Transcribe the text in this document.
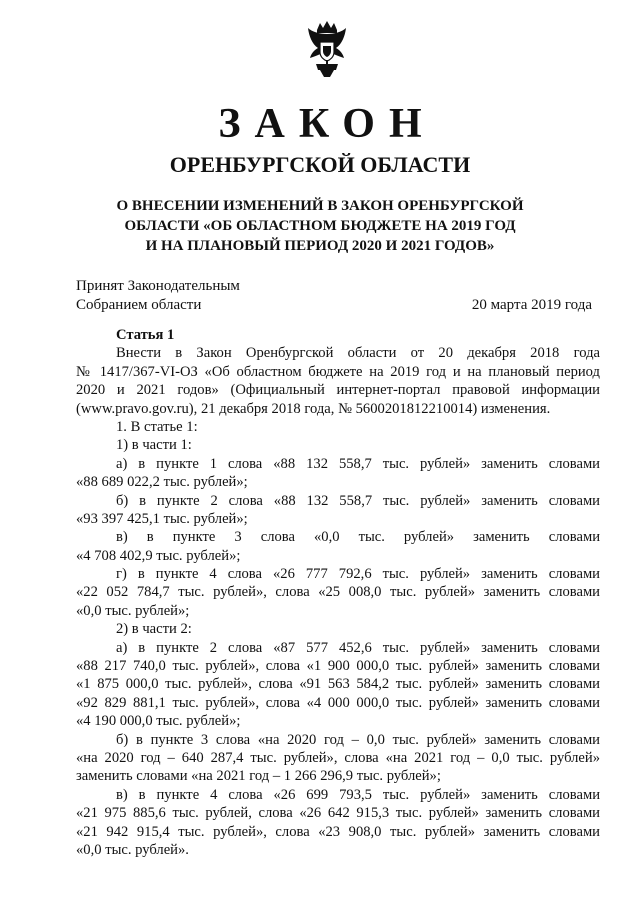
ЗАКОН
ОРЕНБУРГСКОЙ ОБЛАСТИ
О ВНЕСЕНИИ ИЗМЕНЕНИЙ В ЗАКОН ОРЕНБУРГСКОЙ
ОБЛАСТИ «ОБ ОБЛАСТНОМ БЮДЖЕТЕ НА 2019 ГОД
И НА ПЛАНОВЫЙ ПЕРИОД 2020 И 2021 ГОДОВ»
Принят Законодательным
Собранием области	20 марта 2019 года
Статья 1
Внести в Закон Оренбургской области от 20 декабря 2018 года
№ 1417/367-VI-ОЗ «Об областном бюджете на 2019 год и на плановый период
2020 и 2021 годов» (Официальный интернет-портал правовой информации
(www.pravo.gov.ru), 21 декабря 2018 года, № 5600201812210014) изменения.
1. В статье 1:
1) в части 1:
а) в пункте 1 слова «88 132 558,7 тыс. рублей» заменить словами
«88 689 022,2 тыс. рублей»;
б) в пункте 2 слова «88 132 558,7 тыс. рублей» заменить словами
«93 397 425,1 тыс. рублей»;
в) в пункте 3 слова «0,0 тыс. рублей» заменить словами
«4 708 402,9 тыс. рублей»;
г) в пункте 4 слова «26 777 792,6 тыс. рублей» заменить словами
«22 052 784,7 тыс. рублей», слова «25 008,0 тыс. рублей» заменить словами
«0,0 тыс. рублей»;
2) в части 2:
а) в пункте 2 слова «87 577 452,6 тыс. рублей» заменить словами
«88 217 740,0 тыс. рублей», слова «1 900 000,0 тыс. рублей» заменить словами
«1 875 000,0 тыс. рублей», слова «91 563 584,2 тыс. рублей» заменить словами
«92 829 881,1 тыс. рублей», слова «4 000 000,0 тыс. рублей» заменить словами
«4 190 000,0 тыс. рублей»;
б) в пункте 3 слова «на 2020 год – 0,0 тыс. рублей» заменить словами
«на 2020 год – 640 287,4 тыс. рублей», слова «на 2021 год – 0,0 тыс. рублей»
заменить словами «на 2021 год – 1 266 296,9 тыс. рублей»;
в) в пункте 4 слова «26 699 793,5 тыс. рублей» заменить словами
«21 975 885,6 тыс. рублей, слова «26 642 915,3 тыс. рублей» заменить словами
«21 942 915,4 тыс. рублей», слова «23 908,0 тыс. рублей» заменить словами
«0,0 тыс. рублей».
